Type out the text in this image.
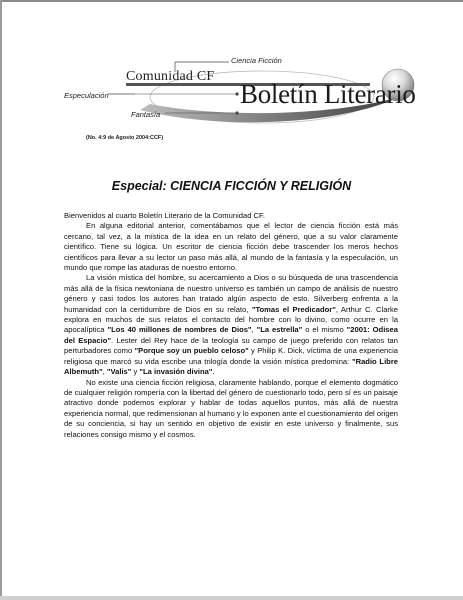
Comunidad CF
Ciencia Ficción
Especulación
Fantasía
Boletín Literario
(No. 4:9 de Agosto 2004:CCF)
Especial: CIENCIA FICCIÓN Y RELIGIÓN

Bienvenidos al cuarto Boletín Literario de la Comunidad CF.

En alguna editorial anterior, comentábamos que el lector de ciencia ficción está más cercano, tal vez, a la mística de la idea en un relato del género, que a su valor claramente científico. Tiene su lógica. Un escritor de ciencia ficción debe trascender los meros hechos científicos para llevar a su lector un paso más allá, al mundo de la fantasía y la especulación, un mundo que rompe las ataduras de nuestro entorno.

La visión mística del hombre, su acercamiento a Dios o su búsqueda de una trascendencia más allá de la física newtoniana de nuestro universo es también un campo de análisis de nuestro género y casi todos los autores han tratado algún aspecto de esto. Silverberg enfrenta a la humanidad con la certidumbre de Dios en su relato, "Tomas el Predicador", Arthur C. Clarke explora en muchos de sus relatos el contacto del hombre con lo divino, como ocurre en la apocalíptica "Los 40 millones de nombres de Dios", "La estrella" o el mismo "2001: Odisea del Espacio". Lester del Rey hace de la teología su campo de juego preferido con relatos tan perturbadores como "Porque soy un pueblo celoso" y Philip K. Dick, víctima de una experiencia religiosa que marcó su vida escribe una trilogía donde la visión mística predomina: "Radio Libre Albemuth", "Valis" y "La invasión divina".

No existe una ciencia ficción religiosa, claramente hablando, porque el elemento dogmático de cualquier religión rompería con la libertad del género de cuestionarlo todo, pero sí es un paisaje atractivo donde podemos explorar y hablar de todas aquellos puntos, más allá de nuestra experiencia normal, que redimensionan al humano y lo exponen ante el cuestionamiento del origen de su conciencia, si hay un sentido en objetivo de existir en este universo y finalmente, sus relaciones consigo mismo y el cosmos.
